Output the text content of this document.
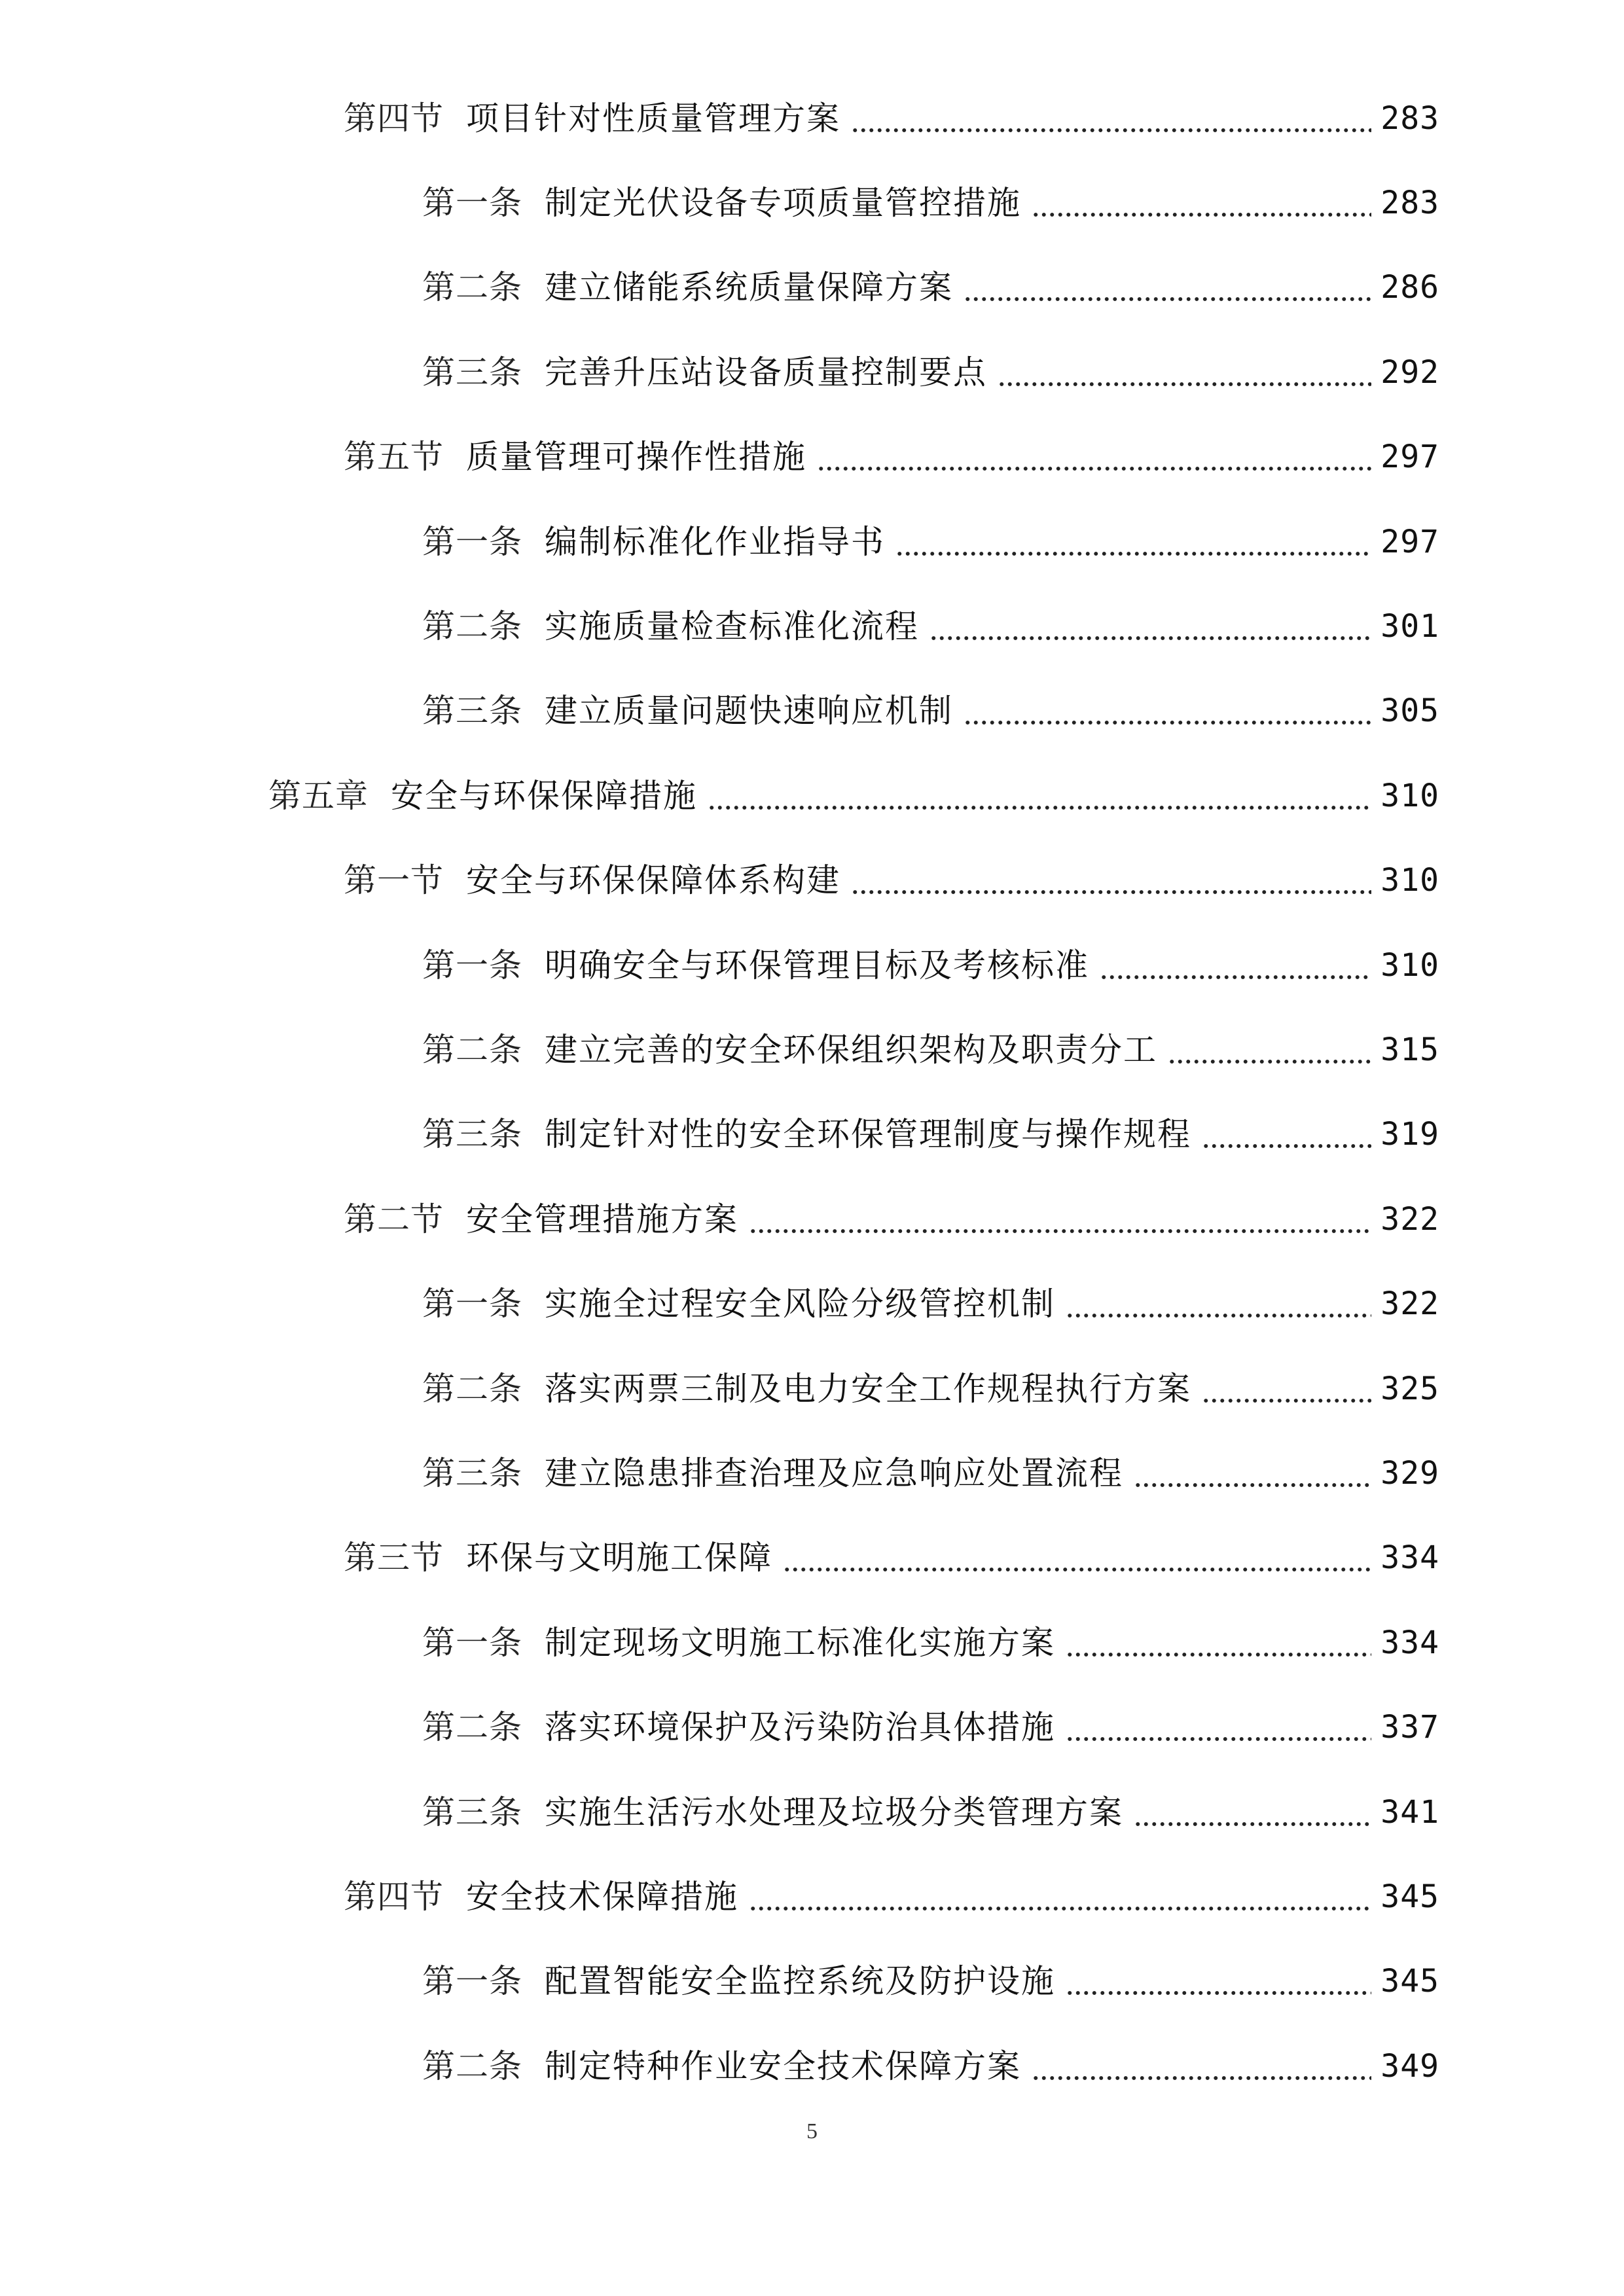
第四节 项目针对性质量管理方案	283
第一条 制定光伏设备专项质量管控措施	283
第二条 建立储能系统质量保障方案	286
第三条 完善升压站设备质量控制要点	292
第五节 质量管理可操作性措施	297
第一条 编制标准化作业指导书	297
第二条 实施质量检查标准化流程	301
第三条 建立质量问题快速响应机制	305
第五章 安全与环保保障措施	310
第一节 安全与环保保障体系构建	310
第一条 明确安全与环保管理目标及考核标准	310
第二条 建立完善的安全环保组织架构及职责分工	315
第三条 制定针对性的安全环保管理制度与操作规程	319
第二节 安全管理措施方案	322
第一条 实施全过程安全风险分级管控机制	322
第二条 落实两票三制及电力安全工作规程执行方案	325
第三条 建立隐患排查治理及应急响应处置流程	329
第三节 环保与文明施工保障	334
第一条 制定现场文明施工标准化实施方案	334
第二条 落实环境保护及污染防治具体措施	337
第三条 实施生活污水处理及垃圾分类管理方案	341
第四节 安全技术保障措施	345
第一条 配置智能安全监控系统及防护设施	345
第二条 制定特种作业安全技术保障方案	349
5
